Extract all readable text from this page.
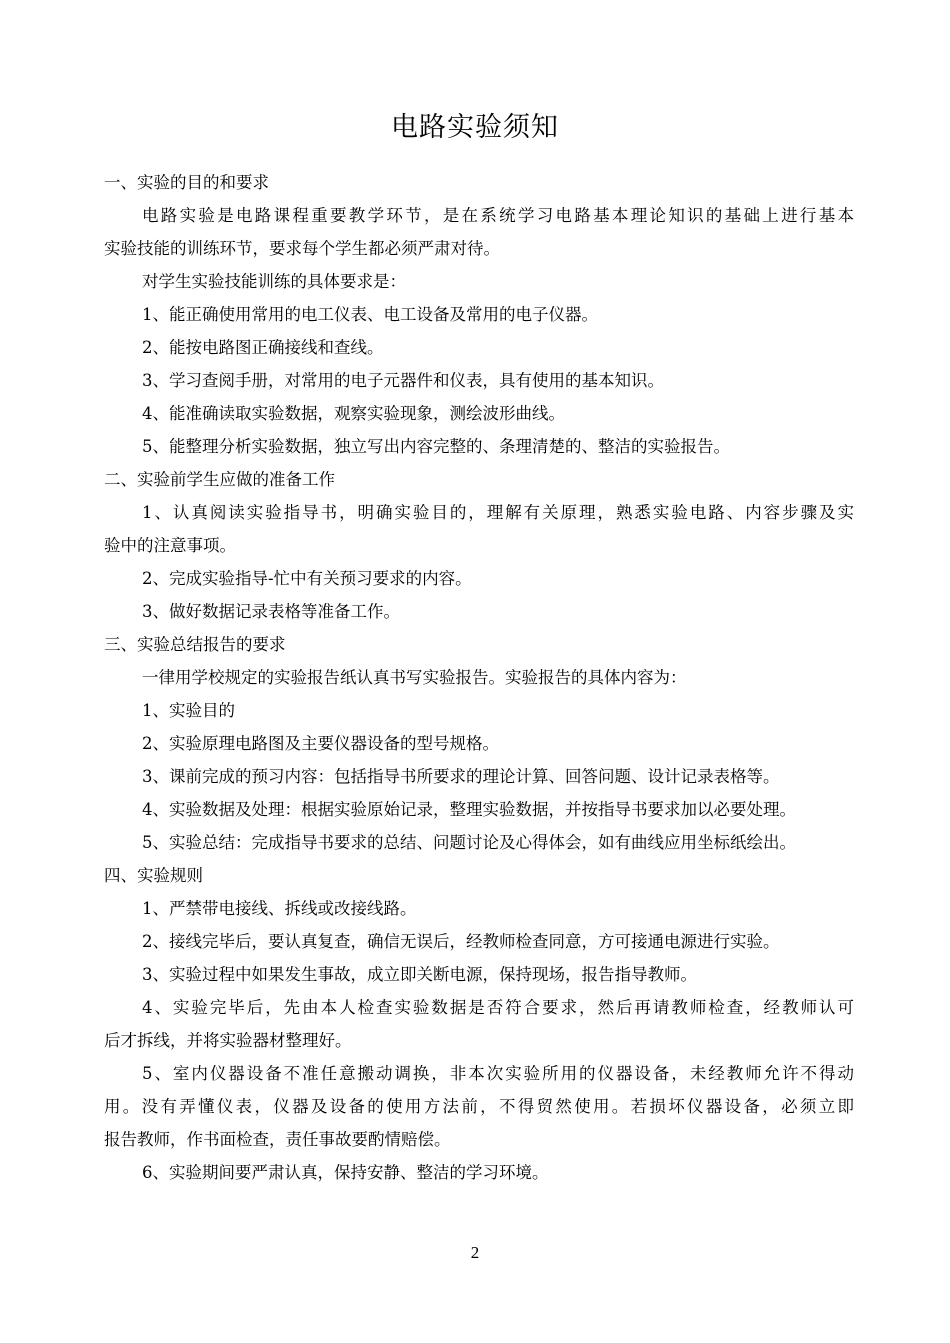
电路实验须知
一、实验的目的和要求
电路实验是电路课程重要教学环节，是在系统学习电路基本理论知识的基础上进行基本
实验技能的训练环节，要求每个学生都必须严肃对待。
对学生实验技能训练的具体要求是：
1、能正确使用常用的电工仪表、电工设备及常用的电子仪器。
2、能按电路图正确接线和查线。
3、学习查阅手册，对常用的电子元器件和仪表，具有使用的基本知识。
4、能准确读取实验数据，观察实验现象，测绘波形曲线。
5、能整理分析实验数据，独立写出内容完整的、条理清楚的、整洁的实验报告。
二、实验前学生应做的准备工作
1、认真阅读实验指导书，明确实验目的，理解有关原理，熟悉实验电路、内容步骤及实
验中的注意事项。
2、完成实验指导-忙中有关预习要求的内容。
3、做好数据记录表格等准备工作。
三、实验总结报告的要求
一律用学校规定的实验报告纸认真书写实验报告。实验报告的具体内容为：
1、实验目的
2、实验原理电路图及主要仪器设备的型号规格。
3、课前完成的预习内容：包括指导书所要求的理论计算、回答问题、设计记录表格等。
4、实验数据及处理：根据实验原始记录，整理实验数据，并按指导书要求加以必要处理。
5、实验总结：完成指导书要求的总结、问题讨论及心得体会，如有曲线应用坐标纸绘出。
四、实验规则
1、严禁带电接线、拆线或改接线路。
2、接线完毕后，要认真复查，确信无误后，经教师检查同意，方可接通电源进行实验。
3、实验过程中如果发生事故，成立即关断电源，保持现场，报告指导教师。
4、实验完毕后，先由本人检查实验数据是否符合要求，然后再请教师检查，经教师认可
后才拆线，并将实验器材整理好。
5、室内仪器设备不准任意搬动调换，非本次实验所用的仪器设备，未经教师允许不得动
用。没有弄懂仪表，仪器及设备的使用方法前，不得贸然使用。若损坏仪器设备，必须立即
报告教师，作书面检查，责任事故要酌情赔偿。
6、实验期间要严肃认真，保持安静、整洁的学习环境。
2
